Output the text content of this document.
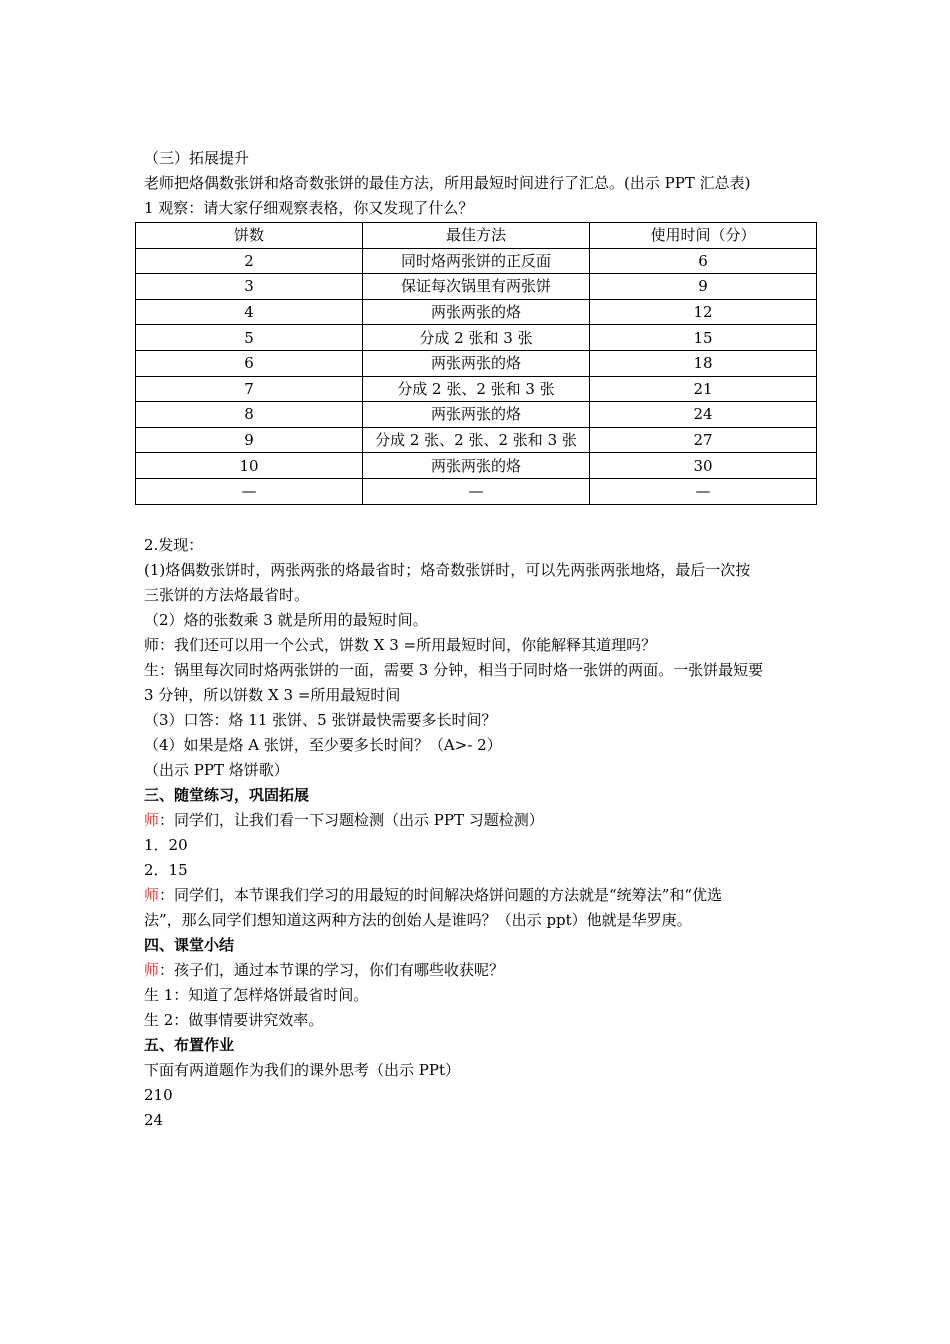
（三）拓展提升
老师把烙偶数张饼和烙奇数张饼的最佳方法，所用最短时间进行了汇总。(出示 PPT 汇总表)
1 观察：请大家仔细观察表格，你又发现了什么？
饼数	最佳方法	使用时间（分）
2	同时烙两张饼的正反面	6
3	保证每次锅里有两张饼	9
4	两张两张的烙	12
5	分成 2 张和 3 张	15
6	两张两张的烙	18
7	分成 2 张、2 张和 3 张	21
8	两张两张的烙	24
9	分成 2 张、2 张、2 张和 3 张	27
10	两张两张的烙	30
—	—	—
2.发现：
(1)烙偶数张饼时，两张两张的烙最省时；烙奇数张饼时，可以先两张两张地烙，最后一次按
三张饼的方法烙最省时。
（2）烙的张数乘 3 就是所用的最短时间。
师：我们还可以用一个公式，饼数 X 3 =所用最短时间，你能解释其道理吗？
生：锅里每次同时烙两张饼的一面，需要 3 分钟，相当于同时烙一张饼的两面。一张饼最短要
3 分钟，所以饼数 X 3 =所用最短时间
（3）口答：烙 11 张饼、5 张饼最快需要多长时间？
（4）如果是烙 A 张饼，至少要多长时间？（A>- 2）
（出示 PPT 烙饼歌）
三、随堂练习，巩固拓展
师：同学们，让我们看一下习题检测（出示 PPT 习题检测）
1．20
2．15
师：同学们，本节课我们学习的用最短的时间解决烙饼问题的方法就是“统筹法”和“优选
法”，那么同学们想知道这两种方法的创始人是谁吗？（出示 ppt）他就是华罗庚。
四、课堂小结
师：孩子们，通过本节课的学习，你们有哪些收获呢？
生 1：知道了怎样烙饼最省时间。
生 2：做事情要讲究效率。
五、布置作业
下面有两道题作为我们的课外思考（出示 PPt）
210
24
